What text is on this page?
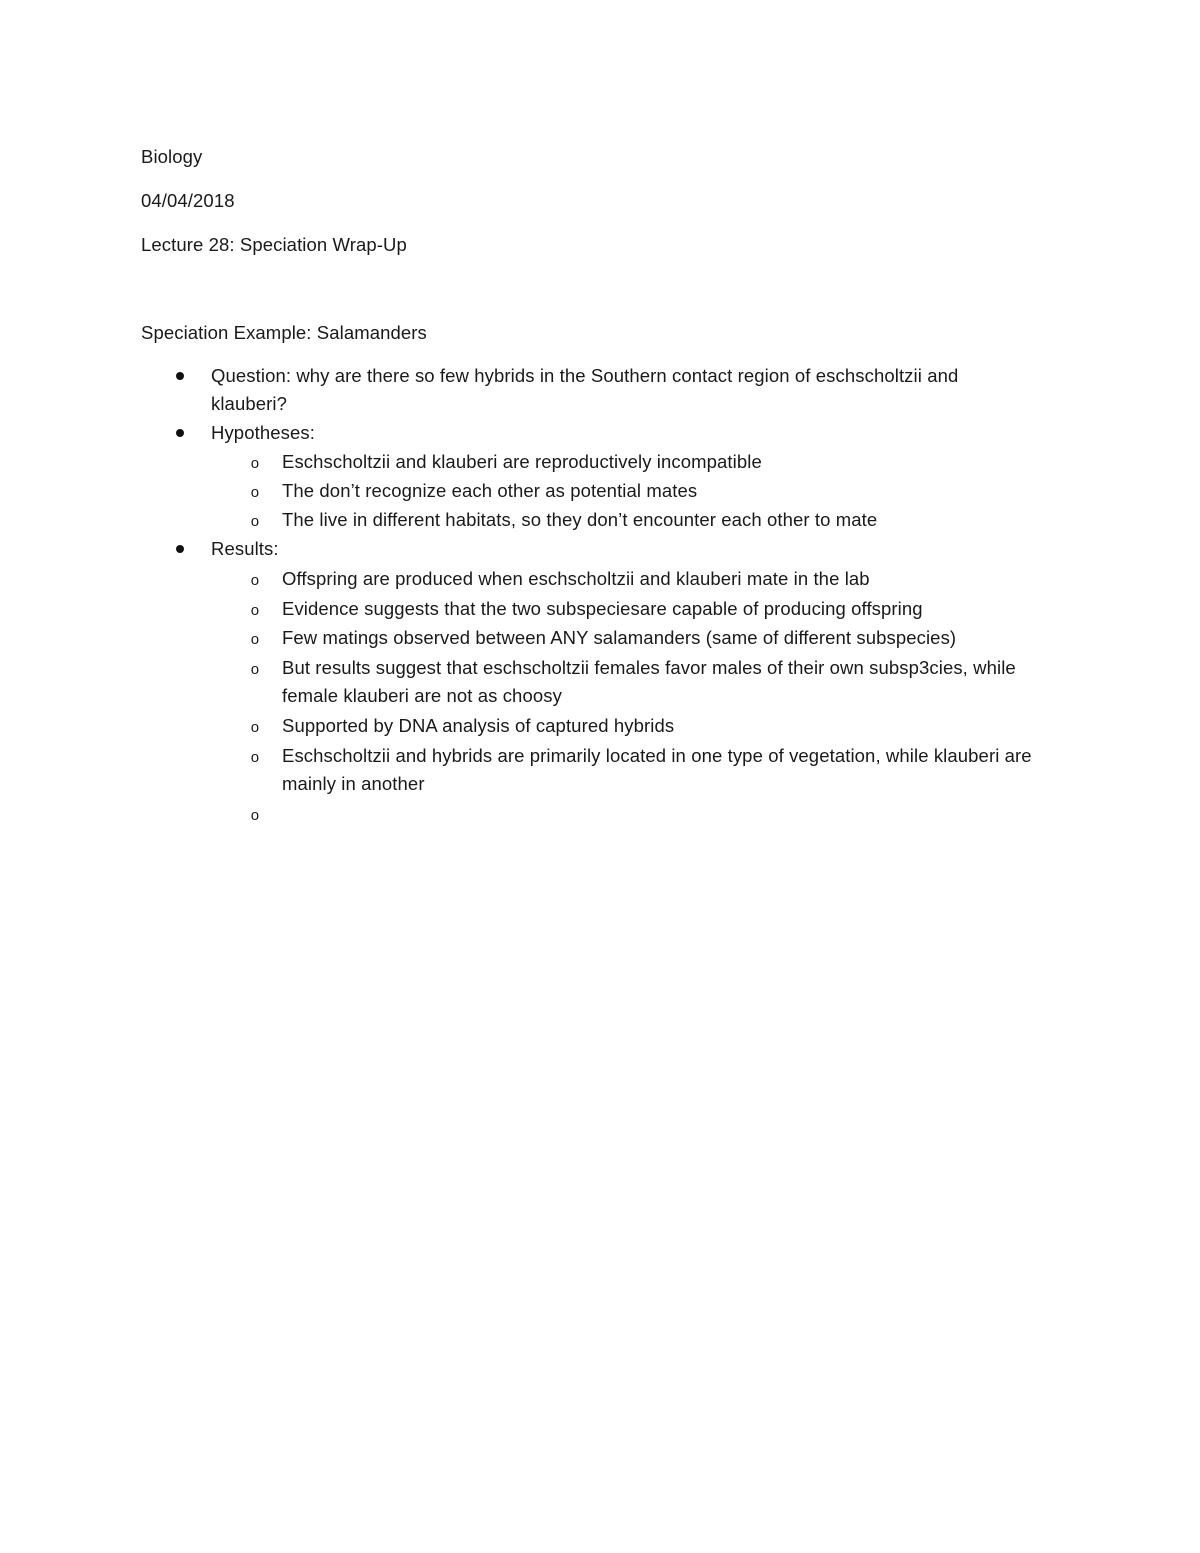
Biology
04/04/2018
Lecture 28: Speciation Wrap-Up
Speciation Example: Salamanders
Question: why are there so few hybrids in the Southern contact region of eschscholtzii and klauberi?
Hypotheses:
o	Eschscholtzii and klauberi are reproductively incompatible
o	The don’t recognize each other as potential mates
o	The live in different habitats, so they don’t encounter each other to mate
Results:
o	Offspring are produced when eschscholtzii and klauberi mate in the lab
o	Evidence suggests that the two subspeciesare capable of producing offspring
o	Few matings observed between ANY salamanders (same of different subspecies)
o	But results suggest that eschscholtzii females favor males of their own subsp3cies, while female klauberi are not as choosy
o	Supported by DNA analysis of captured hybrids
o	Eschscholtzii and hybrids are primarily located in one type of vegetation, while klauberi are mainly in another
o
